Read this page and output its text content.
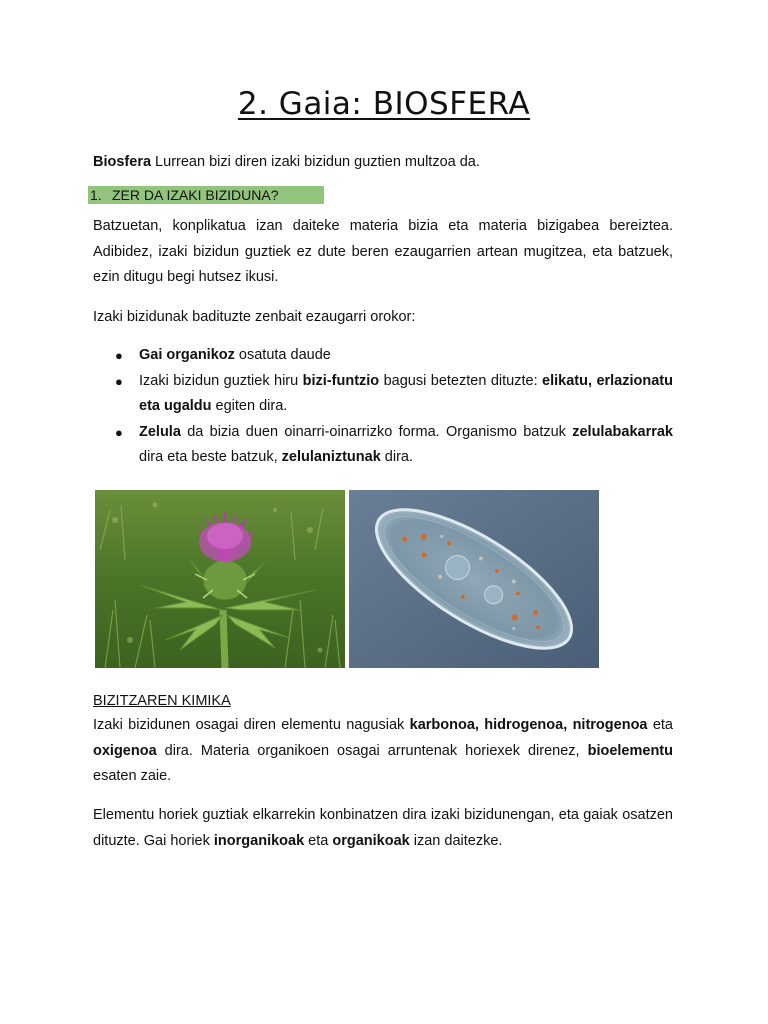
2. Gaia: BIOSFERA
Biosfera Lurrean bizi diren izaki bizidun guztien multzoa da.
1. ZER DA IZAKI BIZIDUNA?
Batzuetan, konplikatua izan daiteke materia bizia eta materia bizigabea bereiztea. Adibidez, izaki bizidun guztiek ez dute beren ezaugarrien artean mugitzea, eta batzuek, ezin ditugu begi hutsez ikusi.
Izaki bizidunak badituzte zenbait ezaugarri orokor:
● Gai organikoz osatuta daude
● Izaki bizidun guztiek hiru bizi-funtzio bagusi betezten dituzte: elikatu, erlazionatu eta ugaldu egiten dira.
● Zelula da bizia duen oinarri-oinarrizko forma. Organismo batzuk zelulabakarrak dira eta beste batzuk, zelulaniztunak dira.
BIZITZAREN KIMIKA
Izaki bizidunen osagai diren elementu nagusiak karbonoa, hidrogenoa, nitrogenoa eta oxigenoa dira. Materia organikoen osagai arruntenak horiexek direnez, bioelementu esaten zaie.
Elementu horiek guztiak elkarrekin konbinatzen dira izaki bizidunengan, eta gaiak osatzen dituzte. Gai horiek inorganikoak eta organikoak izan daitezke.
